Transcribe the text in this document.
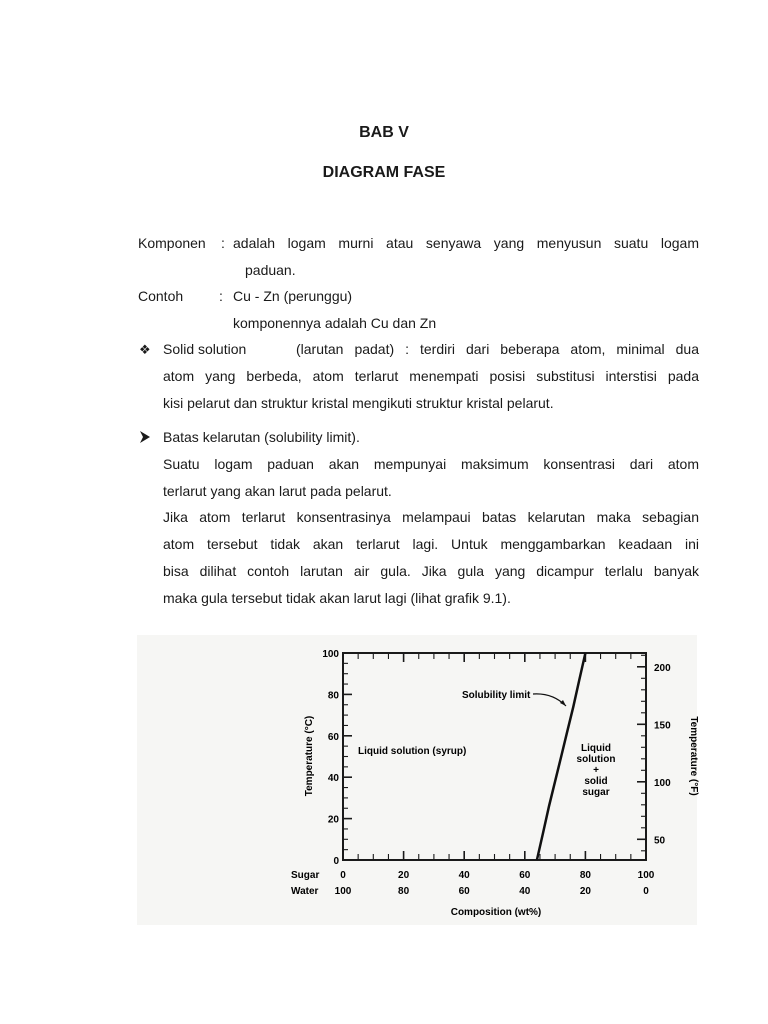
BAB V
DIAGRAM FASE
Komponen : adalah logam murni atau senyawa yang menyusun suatu logam
paduan.
Contoh	: Cu - Zn (perunggu)
komponennya adalah Cu dan Zn
❖ Solid solution	(larutan padat) : terdiri dari beberapa atom, minimal dua
atom yang berbeda, atom terlarut menempati posisi substitusi interstisi pada
kisi pelarut dan struktur kristal mengikuti struktur kristal pelarut.
Batas kelarutan (solubility limit).
Suatu logam paduan akan mempunyai maksimum konsentrasi dari atom
terlarut yang akan larut pada pelarut.
Jika atom terlarut konsentrasinya melampaui batas kelarutan maka sebagian
atom tersebut tidak akan terlarut lagi. Untuk menggambarkan keadaan ini
bisa dilihat contoh larutan air gula. Jika gula yang dicampur terlalu banyak
maka gula tersebut tidak akan larut lagi (lihat grafik 9.1).

Temperature (°C)	Temperature (°F)
Sugar
Water
Composition (wt%)
0
20
40
60
80
100
50
100
150
200
0	20	40	60	80	100
100	80	60	40	20	0
Solubility limit
Liquid solution (syrup)	Liquid
solution
+
solid
sugar
